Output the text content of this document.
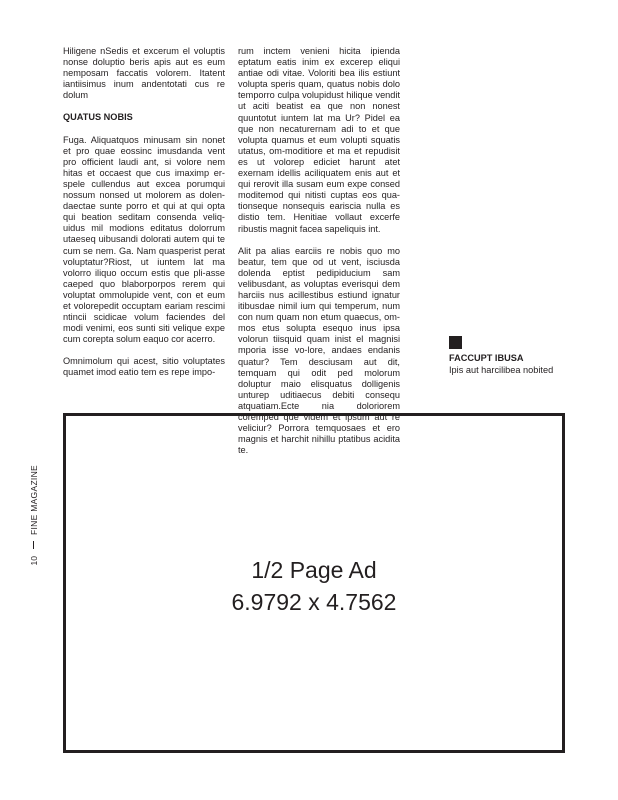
Hiligene nSedis et excerum el voluptis nonse doluptio beris apis aut es eum nemposam faccatis volorem. Itatent iantiisimus inum andentotati cus re dolum

QUATUS NOBIS

Fuga. Aliquatquos minusam sin nonet et pro quae eossinc imusdanda vent pro officient laudi ant, si volore nem hitas et occaest que cus imaximp er-spele cullendus aut excea porumqui nossum nonsed ut molorem as dolen-daectae sunte porro et qui at qui opta qui beation seditam consenda veliq-uidus mil modions editatus dolorrum utaeseq uibusandi dolorati autem qui te cum se nem. Ga. Nam quasperist perat voluptatur?Riost, ut iuntem lat ma volorro iliquo occum estis que pli-asse caeped quo blaborporpos rerem qui voluptat ommolupide vent, con et eum et volorepedit occuptam eariam rescimi ntincii scidicae volum faciendes del modi venimi, eos sunti siti velique expe cum corepta solum eaquo cor acerro.

Omnimolum qui acest, sitio voluptates quamet imod eatio tem es repe impo-

rum inctem venieni hicita ipienda eptatum eatis inim ex excerep eliqui antiae odi vitae. Voloriti bea ilis estiunt volupta speris quam, quatus nobis dolo temporro culpa volupidust hilique vendit ut aciti beatist ea que non nonest quuntotut iuntem lat ma Ur? Pidel ea que non necaturernam adi to et que volupta quamus et eum volupti squatis utatus, om-moditiore et ma et repudisit es ut volorep ediciet harunt atet exernam idellis aciliquatem enis aut et qui rerovit illa susam eum expe consed moditemod qui nitisti cuptas eos qua-tionseque nonsequis eariscia nulla es distio tem. Henitiae vollaut excerfe ribustis magnit facea sapeliquis int.

Alit pa alias earciis re nobis quo mo beatur, tem que od ut vent, isciusda dolenda eptist pedipiducium sam velibusdant, as voluptas everisqui dem harciis nus acillestibus estiund ignatur itibusdae nimil ium qui temperum, num con num quam non etum quaecus, om-mos etus solupta esequo inus ipsa volorun tiisquid quam inist el magnisi mporia isse vo-lore, andaes endanis quatur? Tem desciusam aut dit, temquam qui odit ped molorum doluptur maio elisquatus dolligenis unturep uditiaecus debiti consequ atquatiam.Ecte nia doloriorem coremped que videm et ipsum aut re veliciur? Porrora temquosaes et ero magnis et harchit nihillu ptatibus acidita te.

FACCUPT IBUSA
Ipis aut harcilibea nobited
1/2 Page Ad
6.9792 x 4.7562
FINE MAGAZINE
10
